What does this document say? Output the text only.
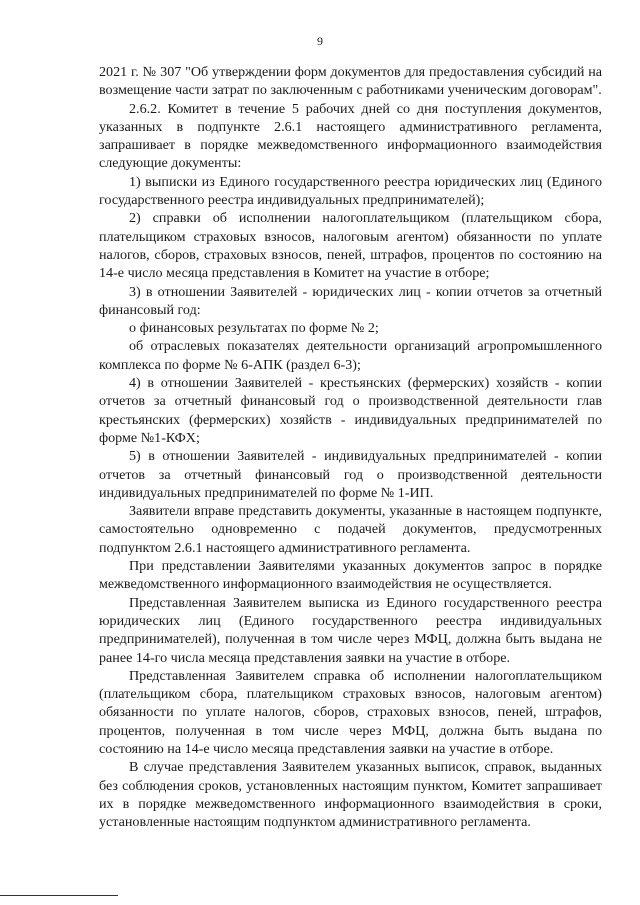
9

2021 г. № 307 "Об утверждении форм документов для предоставления субсидий на возмещение части затрат по заключенным с работниками ученическим договорам".

2.6.2. Комитет в течение 5 рабочих дней со дня поступления документов, указанных в подпункте 2.6.1 настоящего административного регламента, запрашивает в порядке межведомственного информационного взаимодействия следующие документы:

1) выписки из Единого государственного реестра юридических лиц (Единого государственного реестра индивидуальных предпринимателей);

2) справки об исполнении налогоплательщиком (плательщиком сбора, плательщиком страховых взносов, налоговым агентом) обязанности по уплате налогов, сборов, страховых взносов, пеней, штрафов, процентов по состоянию на 14-е число месяца представления в Комитет на участие в отборе;

3) в отношении Заявителей - юридических лиц - копии отчетов за отчетный финансовый год:

о финансовых результатах по форме № 2;

об отраслевых показателях деятельности организаций агропромышленного комплекса по форме № 6-АПК (раздел 6-3);

4) в отношении Заявителей - крестьянских (фермерских) хозяйств - копии отчетов за отчетный финансовый год о производственной деятельности глав крестьянских (фермерских) хозяйств - индивидуальных предпринимателей по форме №1-КФХ;

5) в отношении Заявителей - индивидуальных предпринимателей - копии отчетов за отчетный финансовый год о производственной деятельности индивидуальных предпринимателей по форме № 1-ИП.

Заявители вправе представить документы, указанные в настоящем подпункте, самостоятельно одновременно с подачей документов, предусмотренных подпунктом 2.6.1 настоящего административного регламента.

При представлении Заявителями указанных документов запрос в порядке межведомственного информационного взаимодействия не осуществляется.

Представленная Заявителем выписка из Единого государственного реестра юридических лиц (Единого государственного реестра индивидуальных предпринимателей), полученная в том числе через МФЦ, должна быть выдана не ранее 14-го числа месяца представления заявки на участие в отборе.

Представленная Заявителем справка об исполнении налогоплательщиком (плательщиком сбора, плательщиком страховых взносов, налоговым агентом) обязанности по уплате налогов, сборов, страховых взносов, пеней, штрафов, процентов, полученная в том числе через МФЦ, должна быть выдана по состоянию на 14-е число месяца представления заявки на участие в отборе.

В случае представления Заявителем указанных выписок, справок, выданных без соблюдения сроков, установленных настоящим пунктом, Комитет запрашивает их в порядке межведомственного информационного взаимодействия в сроки, установленные настоящим подпунктом административного регламента.
